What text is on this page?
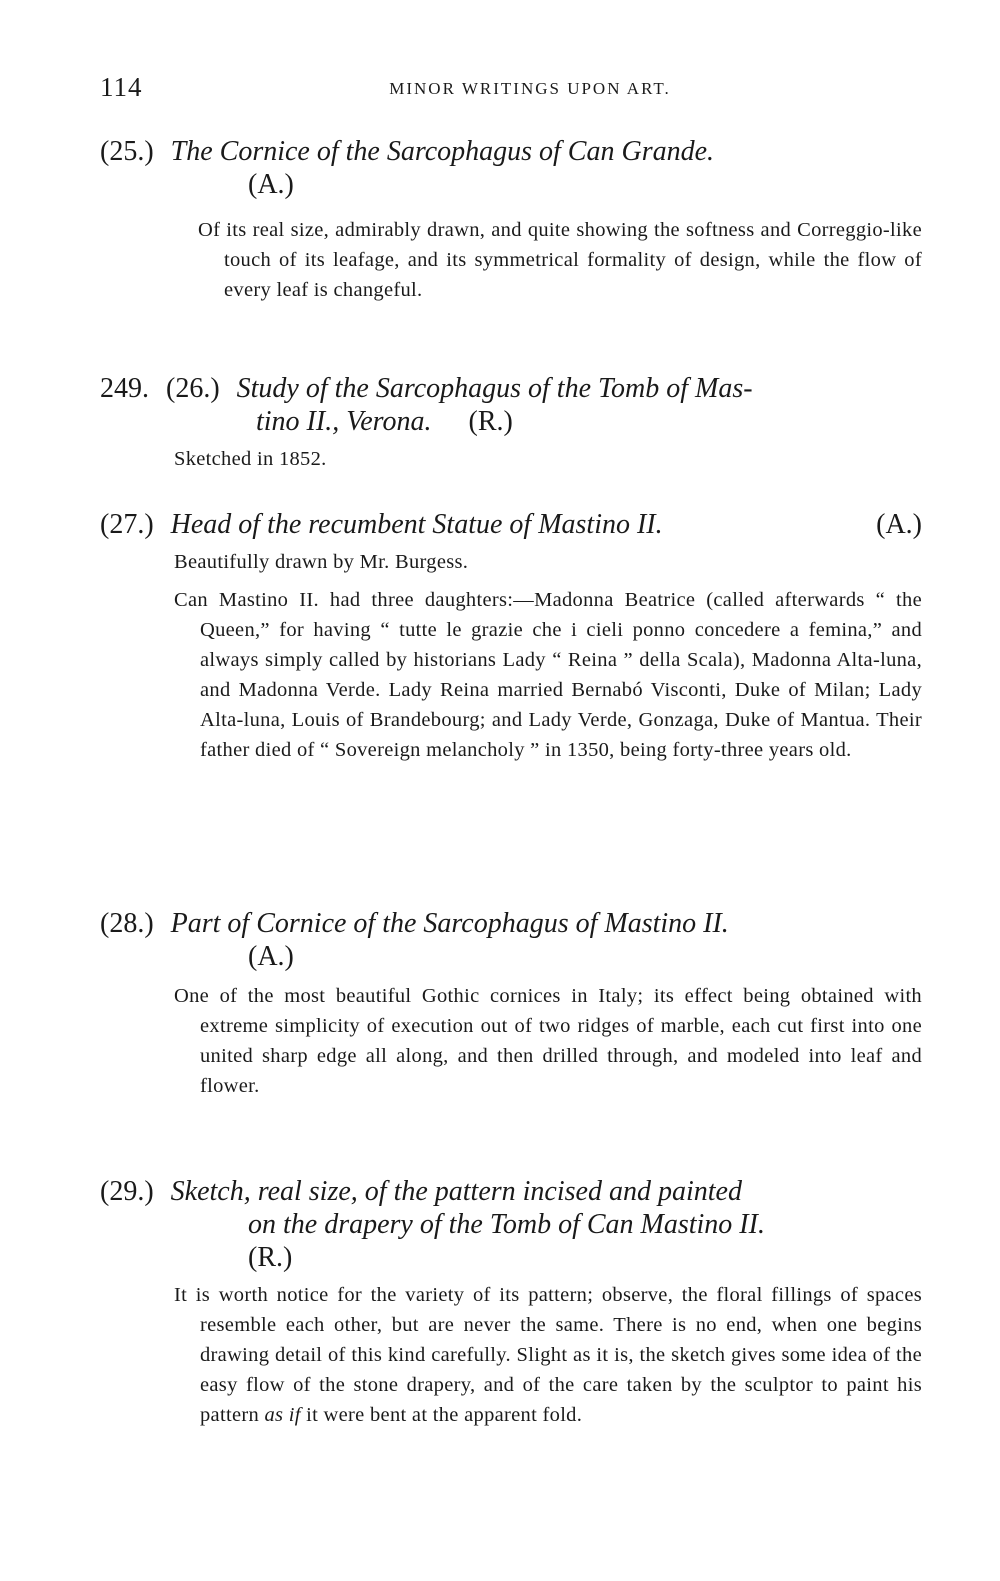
114	MINOR WRITINGS UPON ART.
(25.) The Cornice of the Sarcophagus of Can Grande.
(A.)

Of its real size, admirably drawn, and quite showing the softness and Correggio-like touch of its leafage, and its symmetrical formality of design, while the flow of every leaf is changeful.

249. (26.) Study of the Sarcophagus of the Tomb of Mas-
tino II., Verona. (R.)

Sketched in 1852.

(27.) Head of the recumbent Statue of Mastino II.	(A.)

Beautifully drawn by Mr. Burgess.

Can Mastino II. had three daughters:—Madonna Beatrice (called afterwards “ the Queen,” for having “ tutte le grazie che i cieli ponno concedere a femina,” and always simply called by historians Lady “ Reina ” della Scala), Madonna Alta-luna, and Madonna Verde. Lady Reina married Bernabó Visconti, Duke of Milan; Lady Alta-luna, Louis of Brandebourg; and Lady Verde, Gonzaga, Duke of Mantua. Their father died of “ Sovereign melancholy ” in 1350, being forty-three years old.

(28.) Part of Cornice of the Sarcophagus of Mastino II.
(A.)

One of the most beautiful Gothic cornices in Italy; its effect being obtained with extreme simplicity of execution out of two ridges of marble, each cut first into one united sharp edge all along, and then drilled through, and modeled into leaf and flower.

(29.) Sketch, real size, of the pattern incised and painted
on the drapery of the Tomb of Can Mastino II.
(R.)

It is worth notice for the variety of its pattern; observe, the floral fillings of spaces resemble each other, but are never the same. There is no end, when one begins drawing detail of this kind carefully. Slight as it is, the sketch gives some idea of the easy flow of the stone drapery, and of the care taken by the sculptor to paint his pattern as if it were bent at the apparent fold.
